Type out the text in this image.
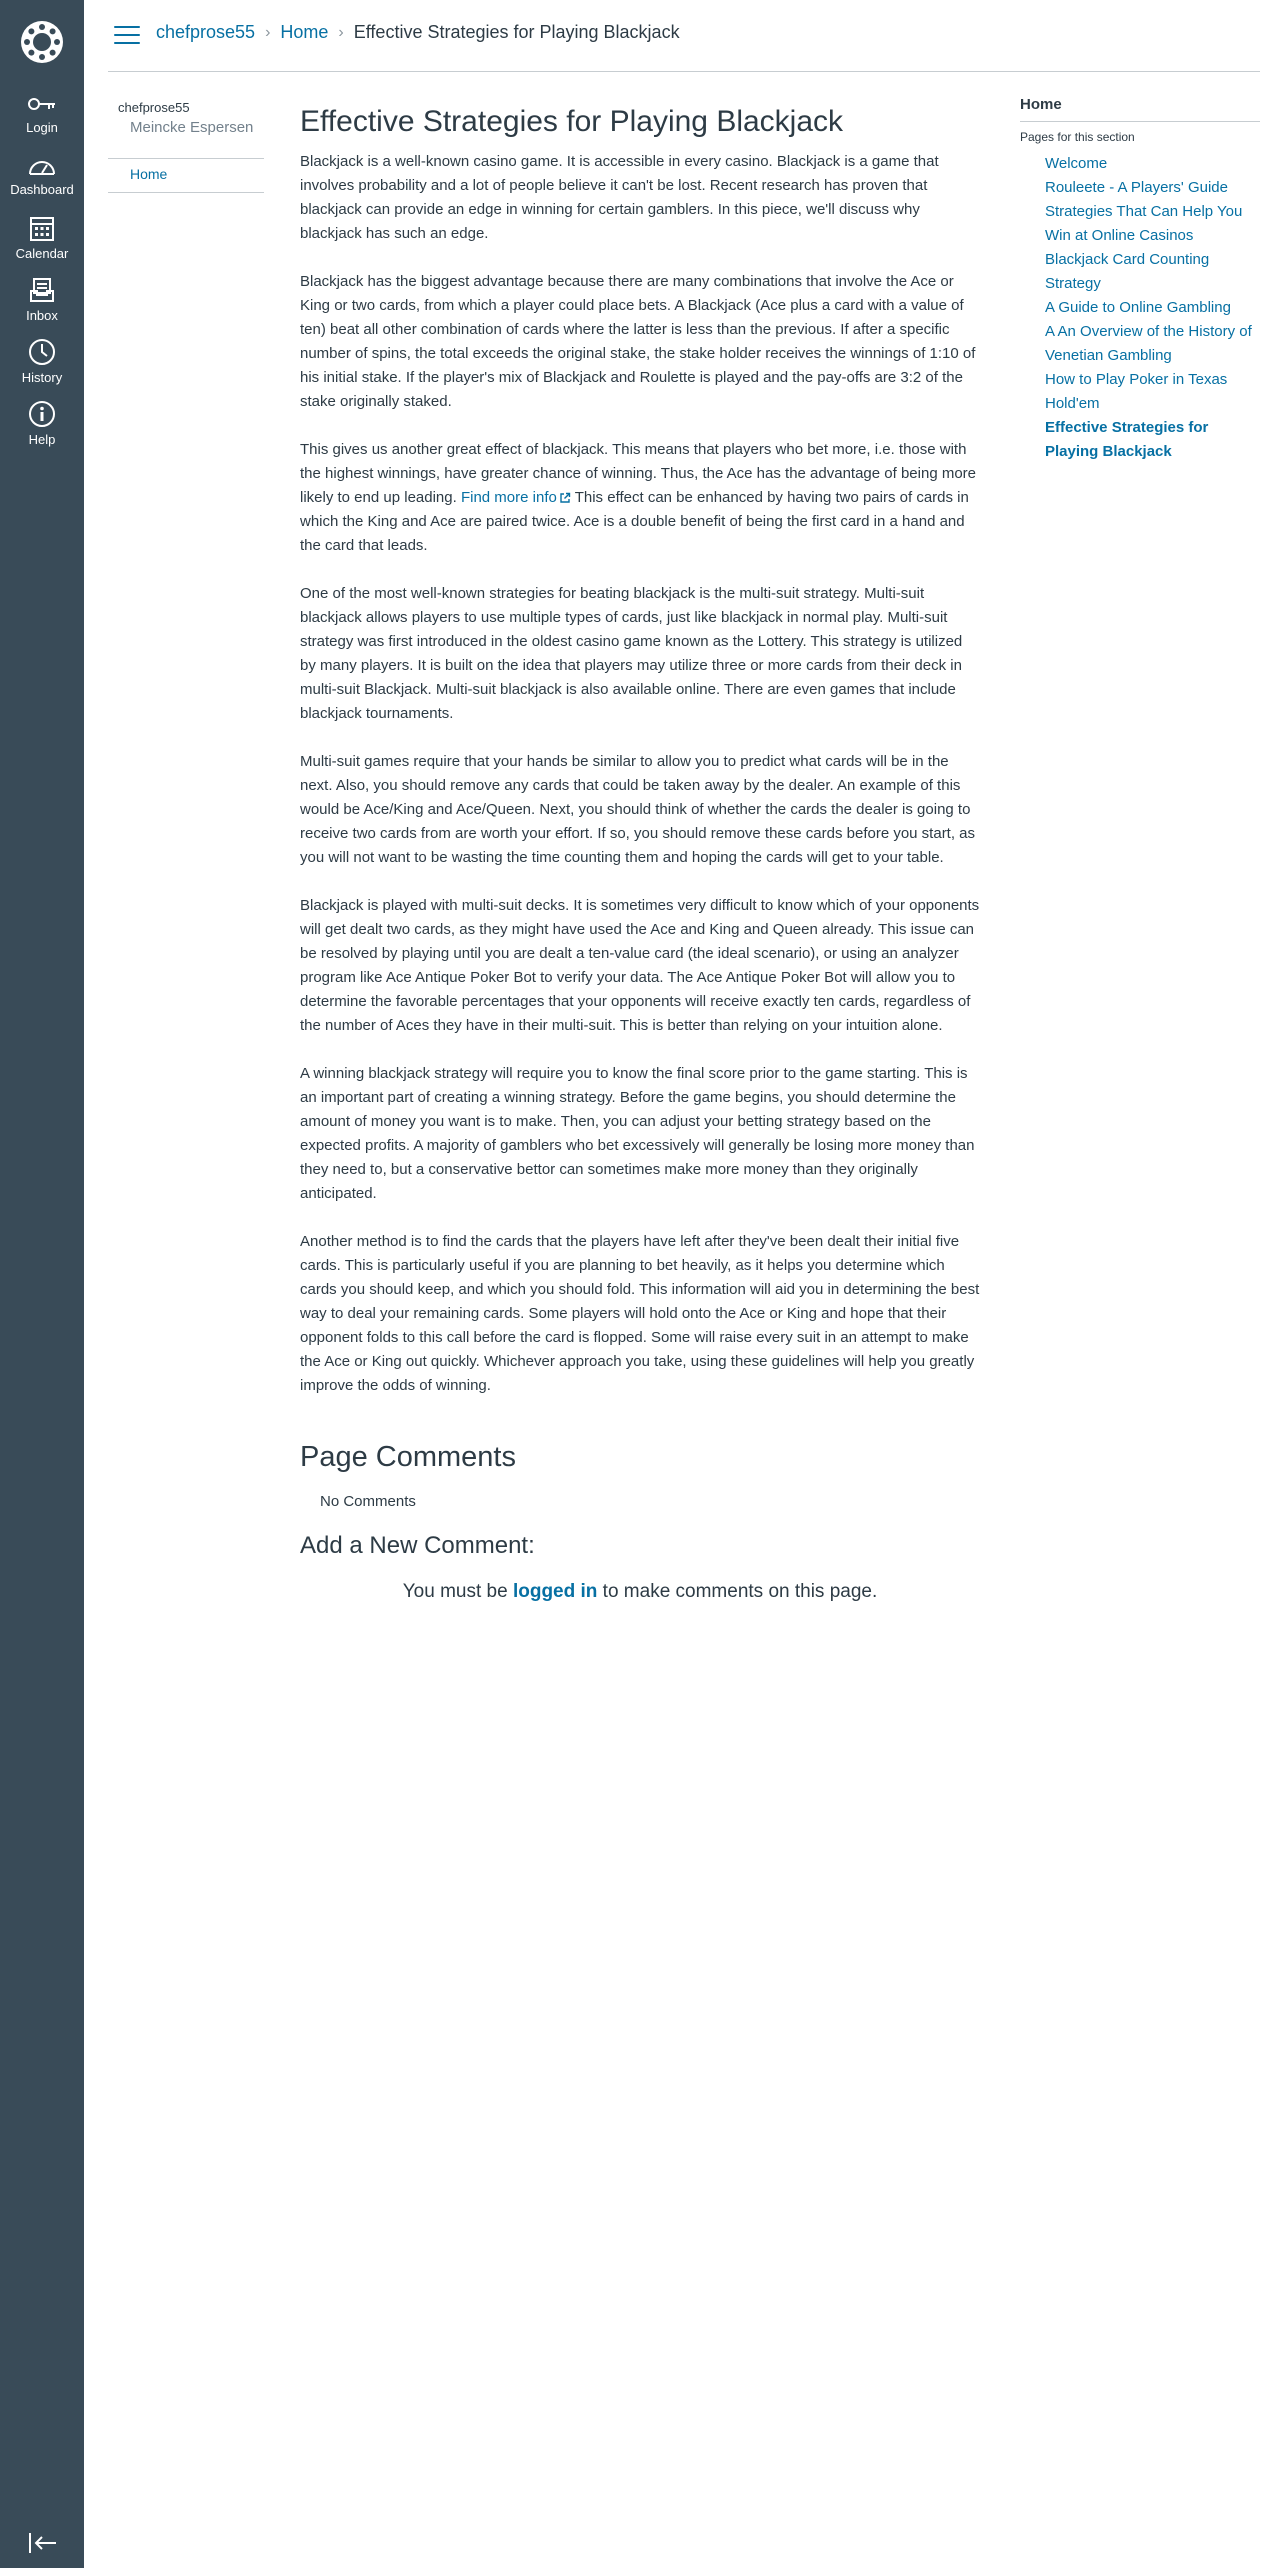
Login
Dashboard
Calendar
Inbox
History
Help
chefprose55 › Home › Effective Strategies for Playing Blackjack
chefprose55
Meincke Espersen
Home
Effective Strategies for Playing Blackjack

Blackjack is a well-known casino game. It is accessible in every casino. Blackjack is a game that involves probability and a lot of people believe it can't be lost. Recent research has proven that blackjack can provide an edge in winning for certain gamblers. In this piece, we'll discuss why blackjack has such an edge.

Blackjack has the biggest advantage because there are many combinations that involve the Ace or King or two cards, from which a player could place bets. A Blackjack (Ace plus a card with a value of ten) beat all other combination of cards where the latter is less than the previous. If after a specific number of spins, the total exceeds the original stake, the stake holder receives the winnings of 1:10 of his initial stake. If the player's mix of Blackjack and Roulette is played and the pay-offs are 3:2 of the stake originally staked.

This gives us another great effect of blackjack. This means that players who bet more, i.e. those with the highest winnings, have greater chance of winning. Thus, the Ace has the advantage of being more likely to end up leading. Find more info This effect can be enhanced by having two pairs of cards in which the King and Ace are paired twice. Ace is a double benefit of being the first card in a hand and the card that leads.

One of the most well-known strategies for beating blackjack is the multi-suit strategy. Multi-suit blackjack allows players to use multiple types of cards, just like blackjack in normal play. Multi-suit strategy was first introduced in the oldest casino game known as the Lottery. This strategy is utilized by many players. It is built on the idea that players may utilize three or more cards from their deck in multi-suit Blackjack. Multi-suit blackjack is also available online. There are even games that include blackjack tournaments.

Multi-suit games require that your hands be similar to allow you to predict what cards will be in the next. Also, you should remove any cards that could be taken away by the dealer. An example of this would be Ace/King and Ace/Queen. Next, you should think of whether the cards the dealer is going to receive two cards from are worth your effort. If so, you should remove these cards before you start, as you will not want to be wasting the time counting them and hoping the cards will get to your table.

Blackjack is played with multi-suit decks. It is sometimes very difficult to know which of your opponents will get dealt two cards, as they might have used the Ace and King and Queen already. This issue can be resolved by playing until you are dealt a ten-value card (the ideal scenario), or using an analyzer program like Ace Antique Poker Bot to verify your data. The Ace Antique Poker Bot will allow you to determine the favorable percentages that your opponents will receive exactly ten cards, regardless of the number of Aces they have in their multi-suit. This is better than relying on your intuition alone.

A winning blackjack strategy will require you to know the final score prior to the game starting. This is an important part of creating a winning strategy. Before the game begins, you should determine the amount of money you want is to make. Then, you can adjust your betting strategy based on the expected profits. A majority of gamblers who bet excessively will generally be losing more money than they need to, but a conservative bettor can sometimes make more money than they originally anticipated.

Another method is to find the cards that the players have left after they've been dealt their initial five cards. This is particularly useful if you are planning to bet heavily, as it helps you determine which cards you should keep, and which you should fold. This information will aid you in determining the best way to deal your remaining cards. Some players will hold onto the Ace or King and hope that their opponent folds to this call before the card is flopped. Some will raise every suit in an attempt to make the Ace or King out quickly. Whichever approach you take, using these guidelines will help you greatly improve the odds of winning.

Page Comments
No Comments
Add a New Comment:
You must be logged in to make comments on this page.
Home
Pages for this section
Welcome
Rouleete - A Players' Guide
Strategies That Can Help You Win at Online Casinos
Blackjack Card Counting Strategy
A Guide to Online Gambling
A An Overview of the History of Venetian Gambling
How to Play Poker in Texas Hold'em
Effective Strategies for Playing Blackjack
